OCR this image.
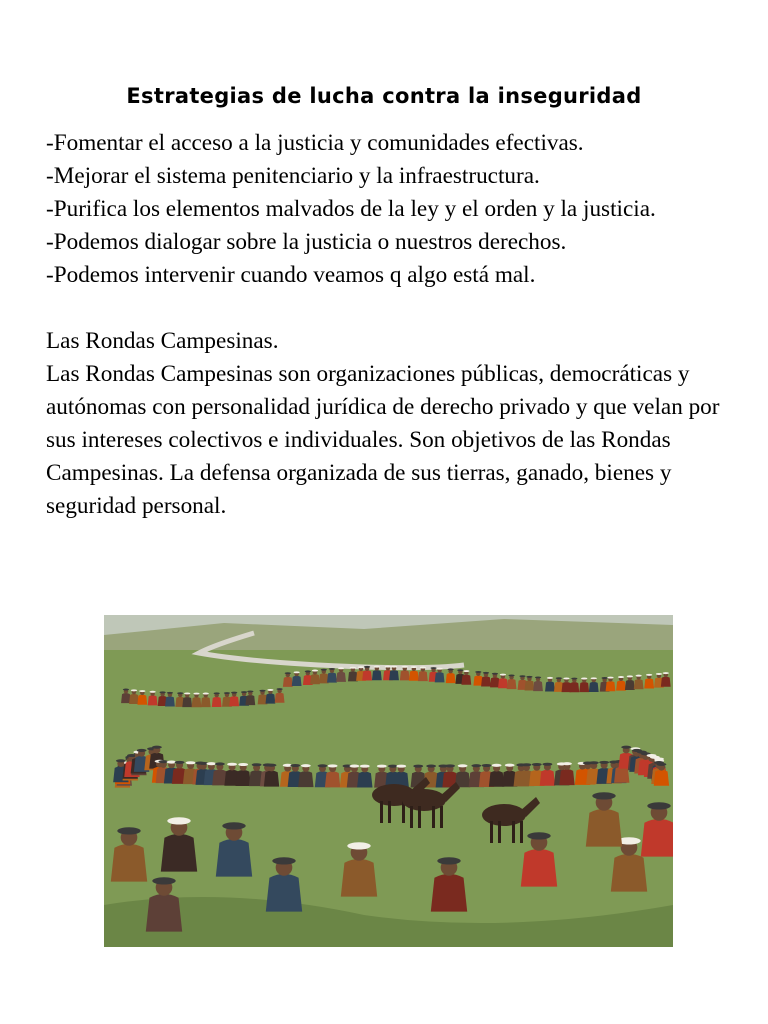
Estrategias de lucha contra la inseguridad

-Fomentar el acceso a la justicia y comunidades efectivas.

-Mejorar el sistema penitenciario y la infraestructura.

-Purifica los elementos malvados de la ley y el orden y la justicia.

-Podemos dialogar sobre la justicia o nuestros derechos.

-Podemos intervenir cuando veamos q algo está mal.

Las Rondas Campesinas.

Las Rondas Campesinas son organizaciones públicas, democráticas y autónomas con personalidad jurídica de derecho privado y que velan por sus intereses colectivos e individuales. Son objetivos de las Rondas Campesinas. La defensa organizada de sus tierras, ganado, bienes y seguridad personal.
